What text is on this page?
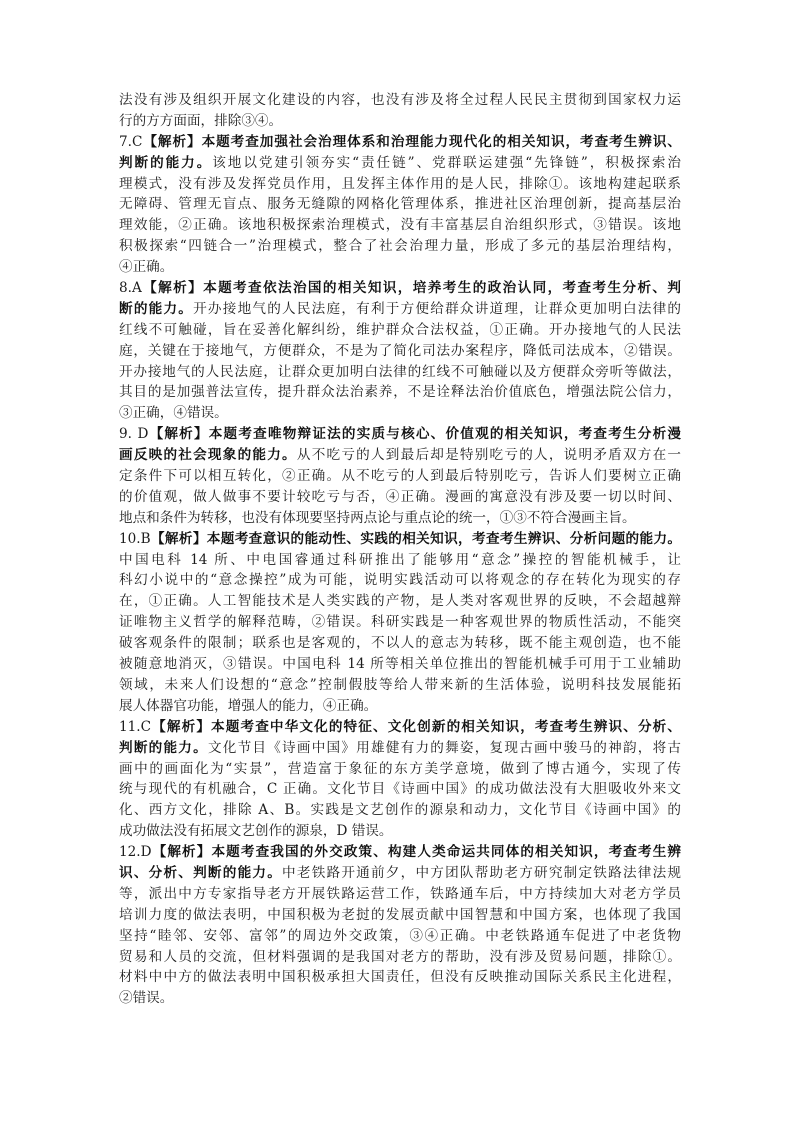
法没有涉及组织开展文化建设的内容，也没有涉及将全过程人民民主贯彻到国家权力运
行的方方面面，排除③④。
7.C【解析】本题考查加强社会治理体系和治理能力现代化的相关知识，考查考生辨识、
判断的能力。该地以党建引领夯实“责任链”、党群联运建强“先锋链”，积极探索治
理模式，没有涉及发挥党员作用，且发挥主体作用的是人民，排除①。该地构建起联系
无障碍、管理无盲点、服务无缝隙的网格化管理体系，推进社区治理创新，提高基层治
理效能，②正确。该地积极探索治理模式，没有丰富基层自治组织形式，③错误。该地
积极探索“四链合一”治理模式，整合了社会治理力量，形成了多元的基层治理结构，
④正确。
8.A【解析】本题考查依法治国的相关知识，培养考生的政治认同，考查考生分析、判
断的能力。开办接地气的人民法庭，有利于方便给群众讲道理，让群众更加明白法律的
红线不可触碰，旨在妥善化解纠纷，维护群众合法权益，①正确。开办接地气的人民法
庭，关键在于接地气，方便群众，不是为了简化司法办案程序，降低司法成本，②错误。
开办接地气的人民法庭，让群众更加明白法律的红线不可触碰以及方便群众旁听等做法，
其目的是加强普法宣传，提升群众法治素养，不是诠释法治价值底色，增强法院公信力，
③正确，④错误。
9. D【解析】本题考查唯物辩证法的实质与核心、价值观的相关知识，考查考生分析漫
画反映的社会现象的能力。从不吃亏的人到最后却是特别吃亏的人，说明矛盾双方在一
定条件下可以相互转化，②正确。从不吃亏的人到最后特别吃亏，告诉人们要树立正确
的价值观，做人做事不要计较吃亏与否，④正确。漫画的寓意没有涉及要一切以时间、
地点和条件为转移，也没有体现要坚持两点论与重点论的统一，①③不符合漫画主旨。
10.B【解析】本题考查意识的能动性、实践的相关知识，考查考生辨识、分析问题的能力。
中国电科 14 所、中电国睿通过科研推出了能够用“意念”操控的智能机械手，让
科幻小说中的“意念操控”成为可能，说明实践活动可以将观念的存在转化为现实的存
在，①正确。人工智能技术是人类实践的产物，是人类对客观世界的反映，不会超越辩
证唯物主义哲学的解释范畴，②错误。科研实践是一种客观世界的物质性活动，不能突
破客观条件的限制；联系也是客观的，不以人的意志为转移，既不能主观创造，也不能
被随意地消灭，③错误。中国电科 14 所等相关单位推出的智能机械手可用于工业辅助
领域，未来人们设想的“意念”控制假肢等给人带来新的生活体验，说明科技发展能拓
展人体器官功能，增强人的能力，④正确。
11.C【解析】本题考查中华文化的特征、文化创新的相关知识，考查考生辨识、分析、
判断的能力。文化节目《诗画中国》用雄健有力的舞姿，复现古画中骏马的神韵，将古
画中的画面化为“实景”，营造富于象征的东方美学意境，做到了博古通今，实现了传
统与现代的有机融合，C 正确。文化节目《诗画中国》的成功做法没有大胆吸收外来文
化、西方文化，排除 A、B。实践是文艺创作的源泉和动力，文化节目《诗画中国》的
成功做法没有拓展文艺创作的源泉，D 错误。
12.D【解析】本题考查我国的外交政策、构建人类命运共同体的相关知识，考查考生辨
识、分析、判断的能力。中老铁路开通前夕，中方团队帮助老方研究制定铁路法律法规
等，派出中方专家指导老方开展铁路运营工作，铁路通车后，中方持续加大对老方学员
培训力度的做法表明，中国积极为老挝的发展贡献中国智慧和中国方案，也体现了我国
坚持“睦邻、安邻、富邻”的周边外交政策，③④正确。中老铁路通车促进了中老货物
贸易和人员的交流，但材料强调的是我国对老方的帮助，没有涉及贸易问题，排除①。
材料中中方的做法表明中国积极承担大国责任，但没有反映推动国际关系民主化进程，
②错误。
